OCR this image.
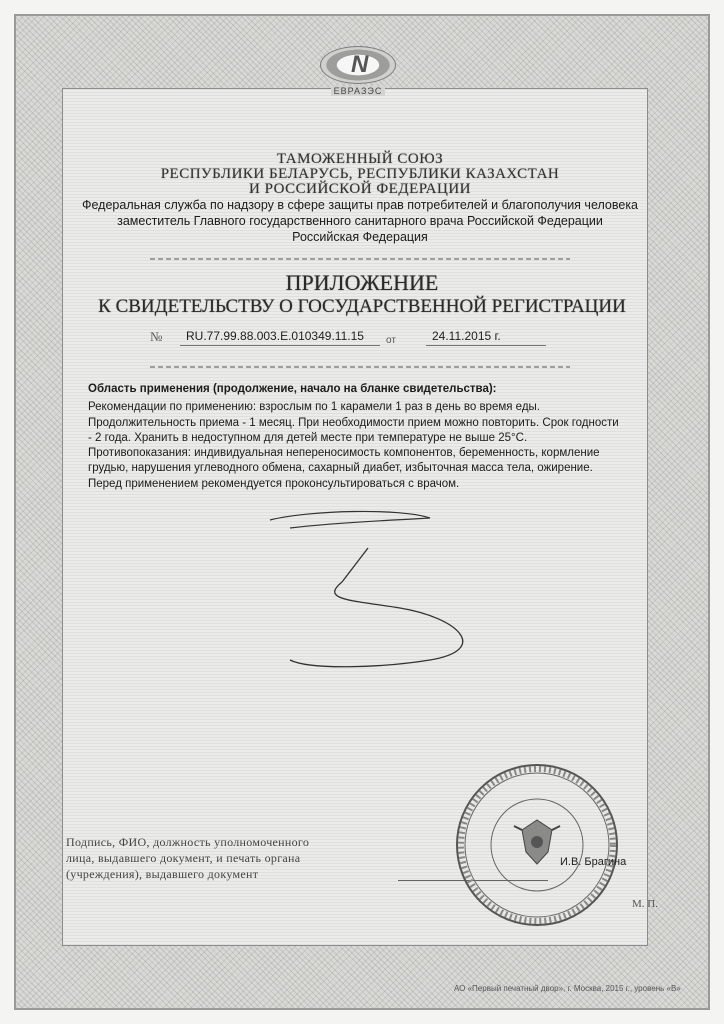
N
ЕВРАЗЭС
ТАМОЖЕННЫЙ СОЮЗ
РЕСПУБЛИКИ БЕЛАРУСЬ, РЕСПУБЛИКИ КАЗАХСТАН
И РОССИЙСКОЙ ФЕДЕРАЦИИ
Федеральная служба по надзору в сфере защиты прав потребителей и благополучия человека
заместитель Главного государственного санитарного врача Российской Федерации
Российская Федерация
ПРИЛОЖЕНИЕ
К СВИДЕТЕЛЬСТВУ О ГОСУДАРСТВЕННОЙ РЕГИСТРАЦИИ
№ RU.77.99.88.003.E.010349.11.15 от	24.11.2015 г.

Область применения (продолжение, начало на бланке свидетельства):

Рекомендации по применению: взрослым по 1 карамели 1 раз в день во время еды.

Продолжительность приема - 1 месяц. При необходимости прием можно повторить. Срок годности

- 2 года. Хранить в недоступном для детей месте при температуре не выше 25°С.

Противопоказания: индивидуальная непереносимость компонентов, беременность, кормление

грудью, нарушения углеводного обмена, сахарный диабет, избыточная масса тела, ожирение.

Перед применением рекомендуется проконсультироваться с врачом.

Подпись, ФИО, должность уполномоченного
лица, выдавшего документ, и печать органа
(учреждения), выдавшего документ
И.В. Брагина
М. П.
АО «Первый печатный двор», г. Москва, 2015 г., уровень «В»
